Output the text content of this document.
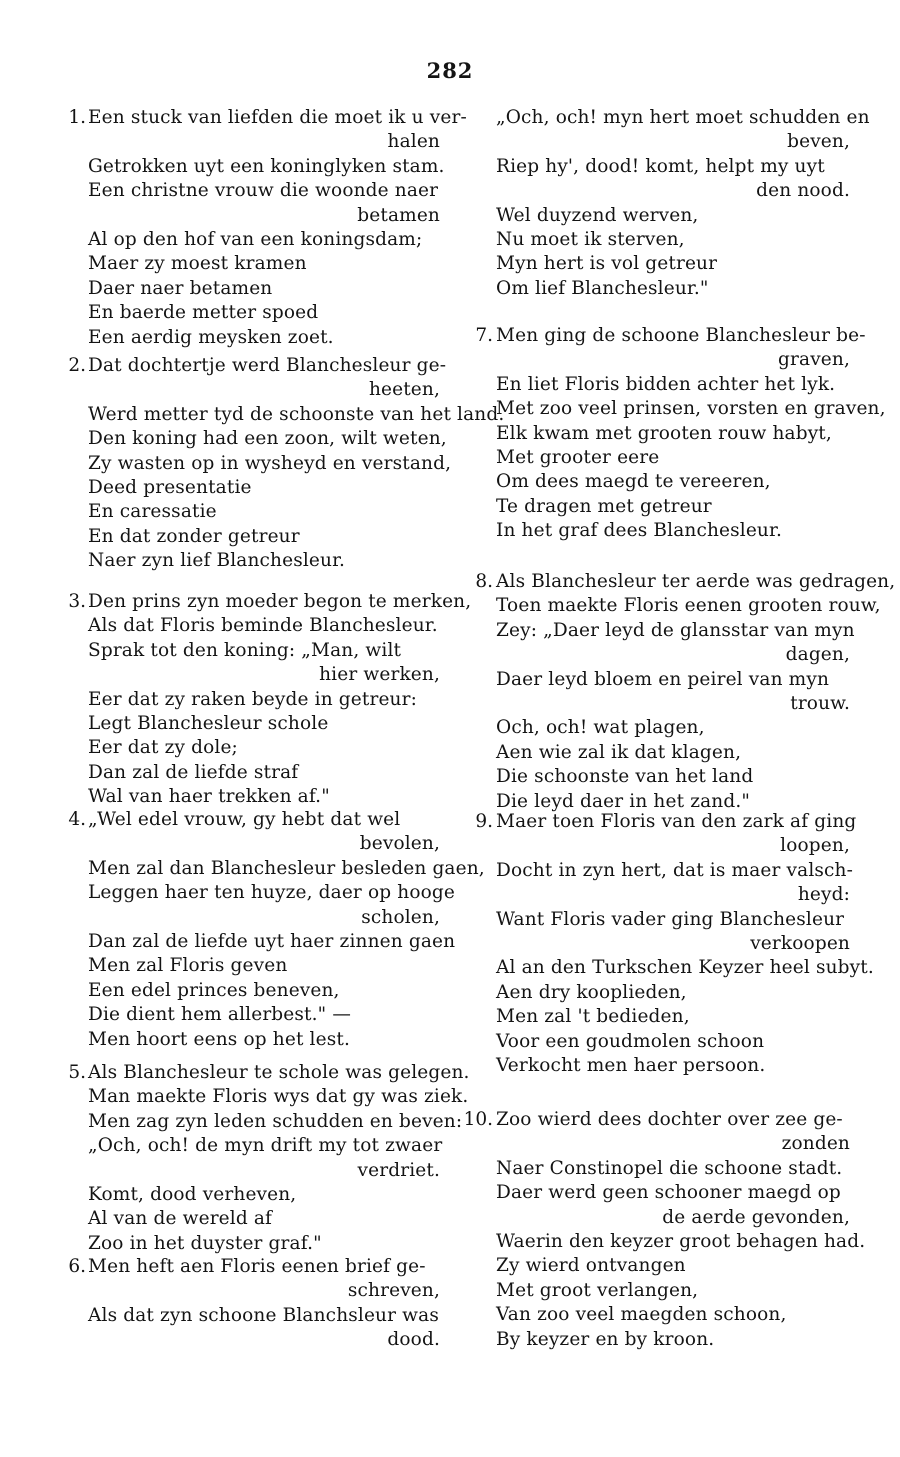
282
1. Een stuck van liefden die moet ik u ver-
halen
Getrokken uyt een koninglyken stam.
Een christne vrouw die woonde naer
betamen
Al op den hof van een koningsdam;
Maer zy moest kramen
Daer naer betamen
En baerde metter spoed
Een aerdig meysken zoet.
2. Dat dochtertje werd Blanchesleur ge-
heeten,
Werd metter tyd de schoonste van het land.
Den koning had een zoon, wilt weten,
Zy wasten op in wysheyd en verstand,
Deed presentatie
En caressatie
En dat zonder getreur
Naer zyn lief Blanchesleur.
3. Den prins zyn moeder begon te merken,
Als dat Floris beminde Blanchesleur.
Sprak tot den koning: „Man, wilt
hier werken,
Eer dat zy raken beyde in getreur:
Legt Blanchesleur schole
Eer dat zy dole;
Dan zal de liefde straf
Wal van haer trekken af."
4. „Wel edel vrouw, gy hebt dat wel
bevolen,
Men zal dan Blanchesleur besleden gaen,
Leggen haer ten huyze, daer op hooge
scholen,
Dan zal de liefde uyt haer zinnen gaen
Men zal Floris geven
Een edel princes beneven,
Die dient hem allerbest." —
Men hoort eens op het lest.
5. Als Blanchesleur te schole was gelegen.
Man maekte Floris wys dat gy was ziek.
Men zag zyn leden schudden en beven:
„Och, och! de myn drift my tot zwaer
verdriet.
Komt, dood verheven,
Al van de wereld af
Zoo in het duyster graf."
6. Men heft aen Floris eenen brief ge-
schreven,
Als dat zyn schoone Blanchsleur was
dood.
„Och, och! myn hert moet schudden en
beven,
Riep hy', dood! komt, helpt my uyt
den nood.
Wel duyzend werven,
Nu moet ik sterven,
Myn hert is vol getreur
Om lief Blanchesleur."
7. Men ging de schoone Blanchesleur be-
graven,
En liet Floris bidden achter het lyk.
Met zoo veel prinsen, vorsten en graven,
Elk kwam met grooten rouw habyt,
Met grooter eere
Om dees maegd te vereeren,
Te dragen met getreur
In het graf dees Blanchesleur.
8. Als Blanchesleur ter aerde was gedragen,
Toen maekte Floris eenen grooten rouw,
Zey: „Daer leyd de glansstar van myn
dagen,
Daer leyd bloem en peirel van myn
trouw.
Och, och! wat plagen,
Aen wie zal ik dat klagen,
Die schoonste van het land
Die leyd daer in het zand."
9. Maer toen Floris van den zark af ging
loopen,
Docht in zyn hert, dat is maer valsch-
heyd:
Want Floris vader ging Blanchesleur
verkoopen
Al an den Turkschen Keyzer heel subyt.
Aen dry kooplieden,
Men zal 't bedieden,
Voor een goudmolen schoon
Verkocht men haer persoon.
10. Zoo wierd dees dochter over zee ge-
zonden
Naer Constinopel die schoone stadt.
Daer werd geen schooner maegd op
de aerde gevonden,
Waerin den keyzer groot behagen had.
Zy wierd ontvangen
Met groot verlangen,
Van zoo veel maegden schoon,
By keyzer en by kroon.
